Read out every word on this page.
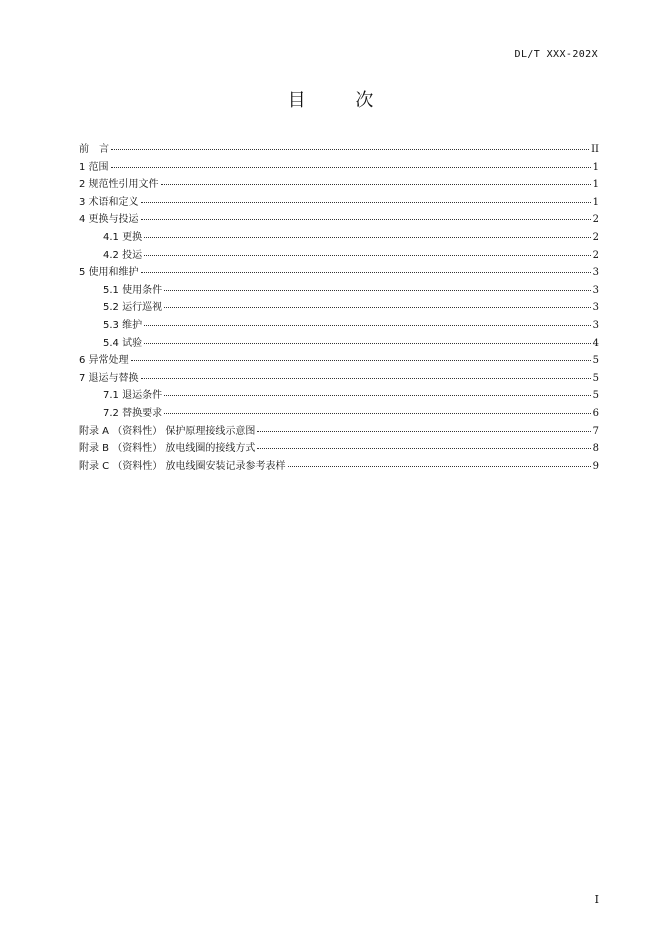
DL/T XXX-202X
目 次
前　言	II
1 范围	1
2 规范性引用文件	1
3 术语和定义	1
4 更换与投运	2
4.1 更换	2
4.2 投运	2
5 使用和维护	3
5.1 使用条件	3
5.2 运行巡视	3
5.3 维护	3
5.4 试验	4
6 异常处理	5
7 退运与替换	5
7.1 退运条件	5
7.2 替换要求	6
附录 A （资料性） 保护原理接线示意图	7
附录 B （资料性） 放电线圈的接线方式	8
附录 C （资料性） 放电线圈安装记录参考表样	9
I
